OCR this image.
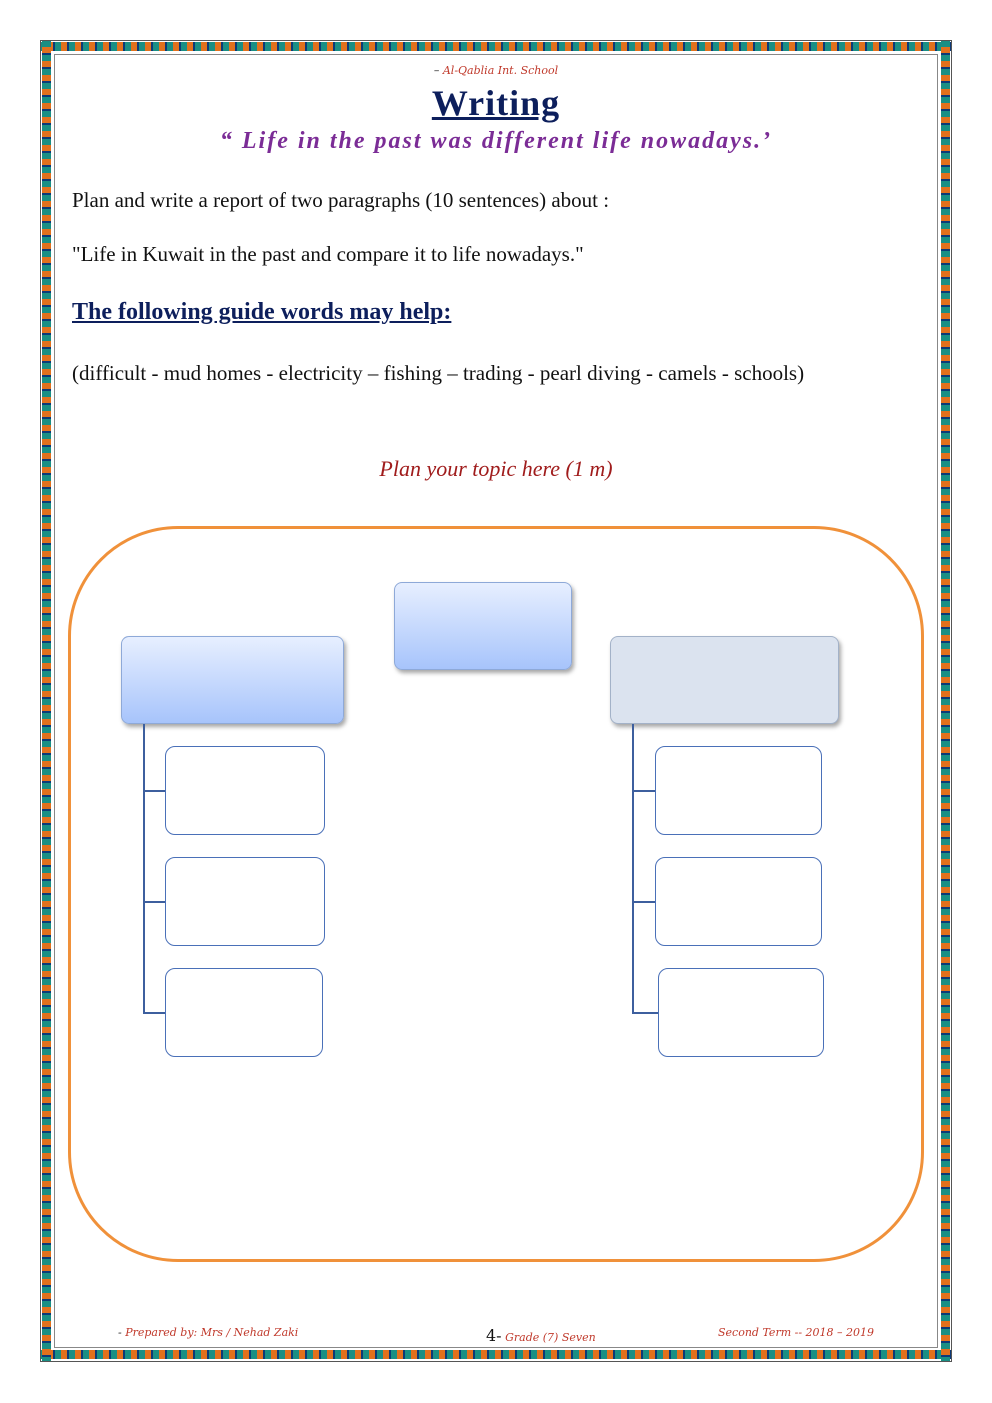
– Al-Qablia Int. School
Writing
“ Life in the past was different life nowadays.’
Plan and write a report of two paragraphs (10 sentences) about :
"Life in Kuwait in the past and compare it to life nowadays."
The following guide words may help:
(difficult - mud homes - electricity – fishing – trading - pearl diving - camels - schools)
Plan your topic here (1 m)
- Prepared by: Mrs / Nehad Zaki	4- Grade (7) Seven	Second Term -- 2018 – 2019
